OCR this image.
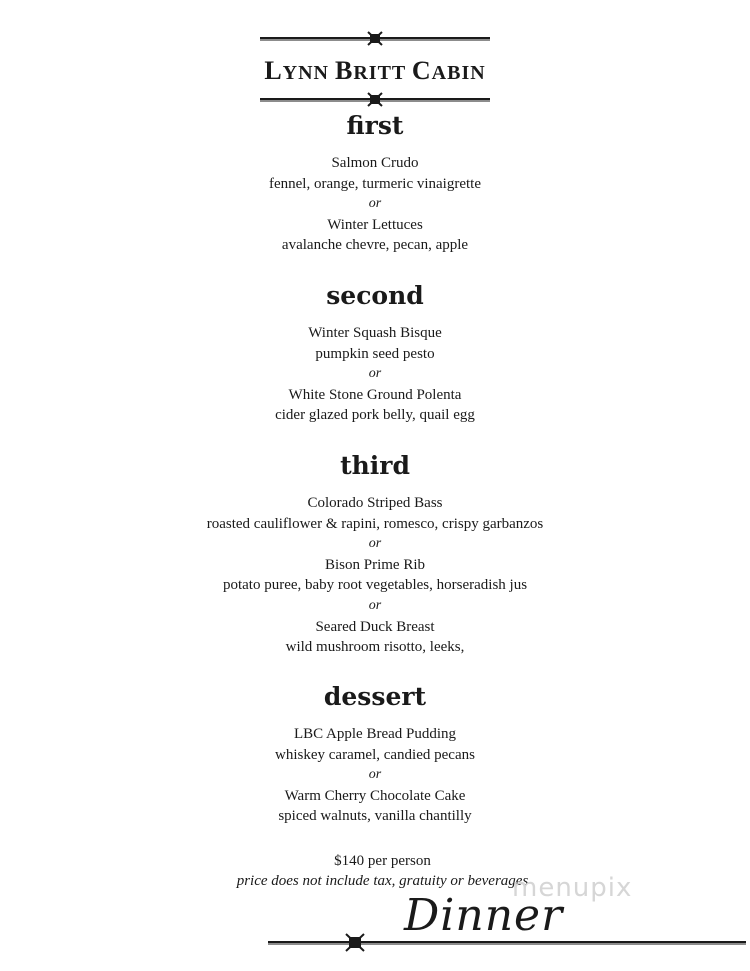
LYNN BRITT CABIN
first
Salmon Crudo
fennel, orange, turmeric vinaigrette
or
Winter Lettuces
avalanche chevre, pecan, apple
second
Winter Squash Bisque
pumpkin seed pesto
or
White Stone Ground Polenta
cider glazed pork belly, quail egg
third
Colorado Striped Bass
roasted cauliflower & rapini, romesco, crispy garbanzos
or
Bison Prime Rib
potato puree, baby root vegetables, horseradish jus
or
Seared Duck Breast
wild mushroom risotto, leeks,
dessert
LBC Apple Bread Pudding
whiskey caramel, candied pecans
or
Warm Cherry Chocolate Cake
spiced walnuts, vanilla chantilly
$140 per person
price does not include tax, gratuity or beverages
menupix
Dinner
